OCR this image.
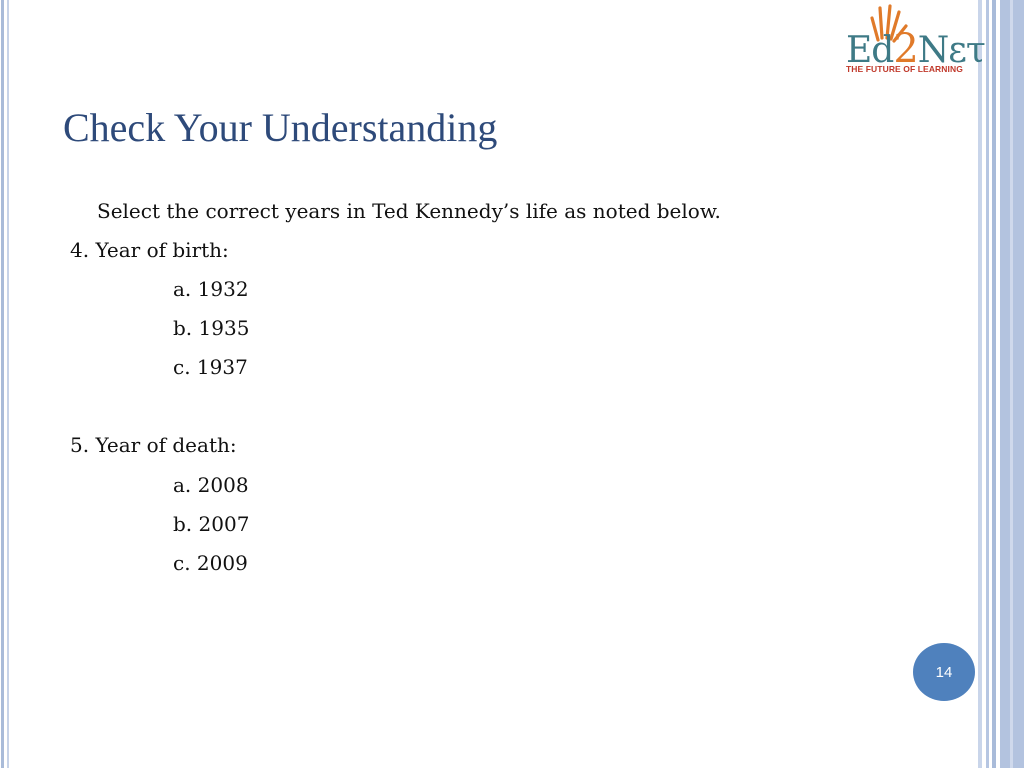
Ed2Nετ
THE FUTURE OF LEARNING
Check Your Understanding

Select the correct years in Ted Kennedy’s life as noted below.

4. Year of birth:

a. 1932

b. 1935

c. 1937

5. Year of death:

a. 2008

b. 2007

c. 2009

14
